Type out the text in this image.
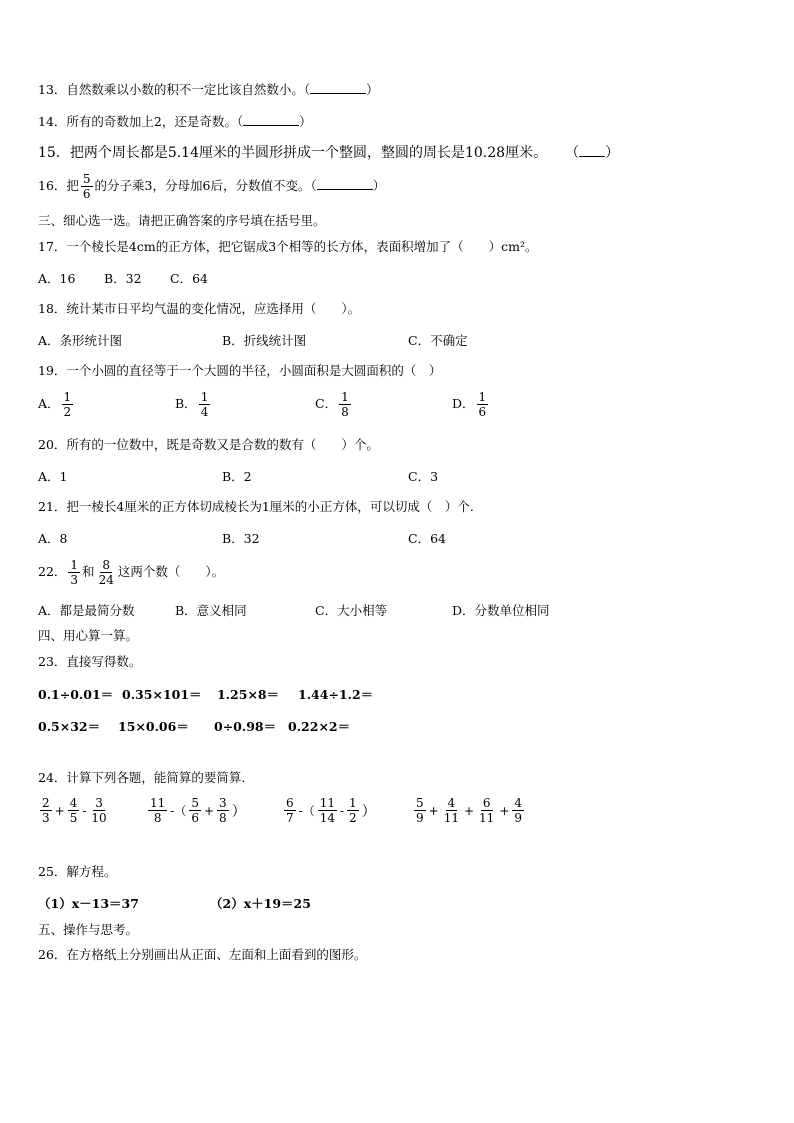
13．自然数乘以小数的积不一定比该自然数小。（	）
14．所有的奇数加上2，还是奇数。（	）
15．把两个周长都是5.14厘米的半圆形拼成一个整圆，整圆的周长是10.28厘米。 （ ）
16．把 $\frac{5}{6}$ 的分子乘3，分母加6后，分数值不变。（	）
三、细心选一选。请把正确答案的序号填在括号里。
17．一个棱长是4cm的正方体，把它锯成3个相等的长方体，表面积增加了（　　）cm²。
A．16 B．32 C．64
18．统计某市日平均气温的变化情况，应选择用（　　）。
A．条形统计图	B．折线统计图	C．不确定
19．一个小圆的直径等于一个大圆的半径，小圆面积是大圆面积的（　）
A． $\frac{1}{2}$	B． $\frac{1}{4}$	C． $\frac{1}{8}$	D． $\frac{1}{6}$
20．所有的一位数中，既是奇数又是合数的数有（　　）个。
A．1	B．2	C．3
21．把一棱长4厘米的正方体切成棱长为1厘米的小正方体，可以切成（　）个.
A．8	B．32	C．64
22． $\frac{1}{3}$ 和 $\frac{8}{24}$ 这两个数（　　）。
A．都是最简分数	B．意义相同	C．大小相等	D．分数单位相同
四、用心算一算。
23．直接写得数。
0.1÷0.01＝ 0.35×101＝ 1.25×8＝ 1.44÷1.2＝
0.5×32＝ 15×0.06＝ 0÷0.98＝ 0.22×2＝
24．计算下列各题，能简算的要简算.
$\frac{2}{3} + \frac{4}{5} - \frac{3}{10}$	$\frac{11}{8}$ -（ $\frac{5}{6} + \frac{3}{8}$ ）	$\frac{6}{7}$ -（ $\frac{11}{14} - \frac{1}{2}$ ）	$\frac{5}{9} + \frac{4}{11} + \frac{6}{11} + \frac{4}{9}$
25．解方程。
（1）x－13＝37	（2）x＋19＝25
五、操作与思考。
26．在方格纸上分别画出从正面、左面和上面看到的图形。
